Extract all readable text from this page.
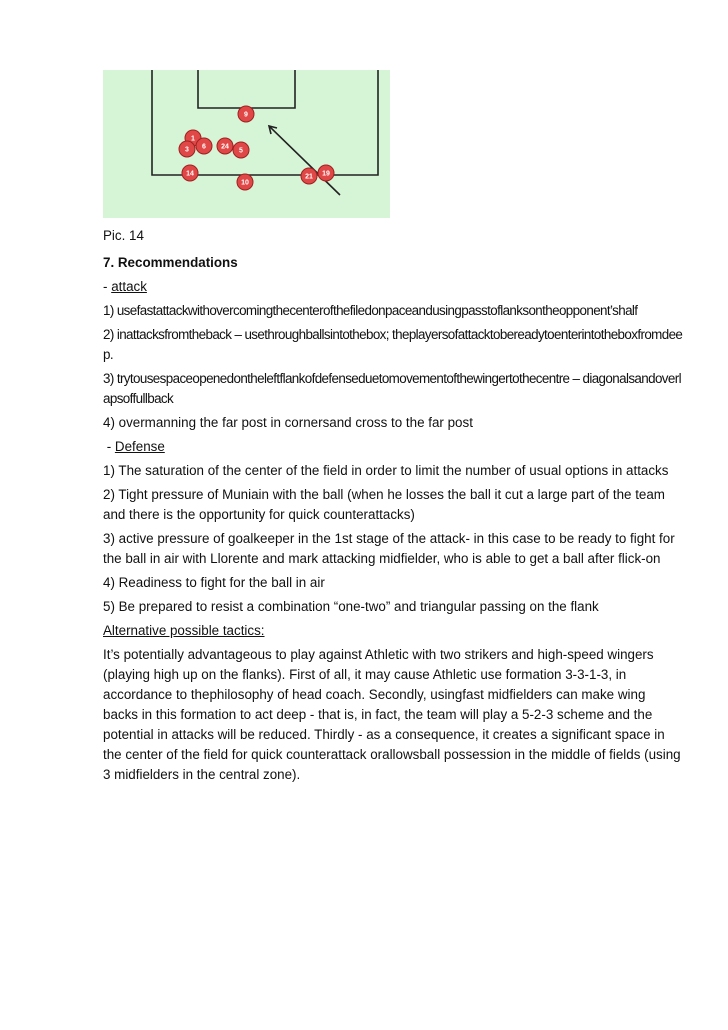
9
1
3 6 24
5
14
10
21 19

Pic. 14

7. Recommendations

- attack

1) usefastattackwithovercomingthecenterofthefiledonpaceandusingpasstoflanksontheopponent’shalf

2) inattacksfromtheback – usethroughballsintothebox; theplayersofattacktobereadytoenterintotheboxfromdeep.

3) trytousespaceopenedontheleftflankofdefenseduetomovementofthewingertothecentre – diagonalsandoverlapsoffullback

4) overmanning the far post in cornersand cross to the far post

- Defense

1) The saturation of the center of the field in order to limit the number of usual options in attacks

2) Tight pressure of Muniain with the ball (when he losses the ball it cut a large part of the team and there is the opportunity for quick counterattacks)

3) active pressure of goalkeeper in the 1st stage of the attack- in this case to be ready to fight for the ball in air with Llorente and mark attacking midfielder, who is able to get a ball after flick-on

4) Readiness to fight for the ball in air

5) Be prepared to resist a combination “one-two” and triangular passing on the flank

Alternative possible tactics:

It’s potentially advantageous to play against Athletic with two strikers and high-speed wingers (playing high up on the flanks). First of all, it may cause Athletic use formation 3-3-1-3, in accordance to thephilosophy of head coach. Secondly, usingfast midfielders can make wing backs in this formation to act deep - that is, in fact, the team will play a 5-2-3 scheme and the potential in attacks will be reduced. Thirdly - as a consequence, it creates a significant space in the center of the field for quick counterattack orallowsball possession in the middle of fields (using 3 midfielders in the central zone).
